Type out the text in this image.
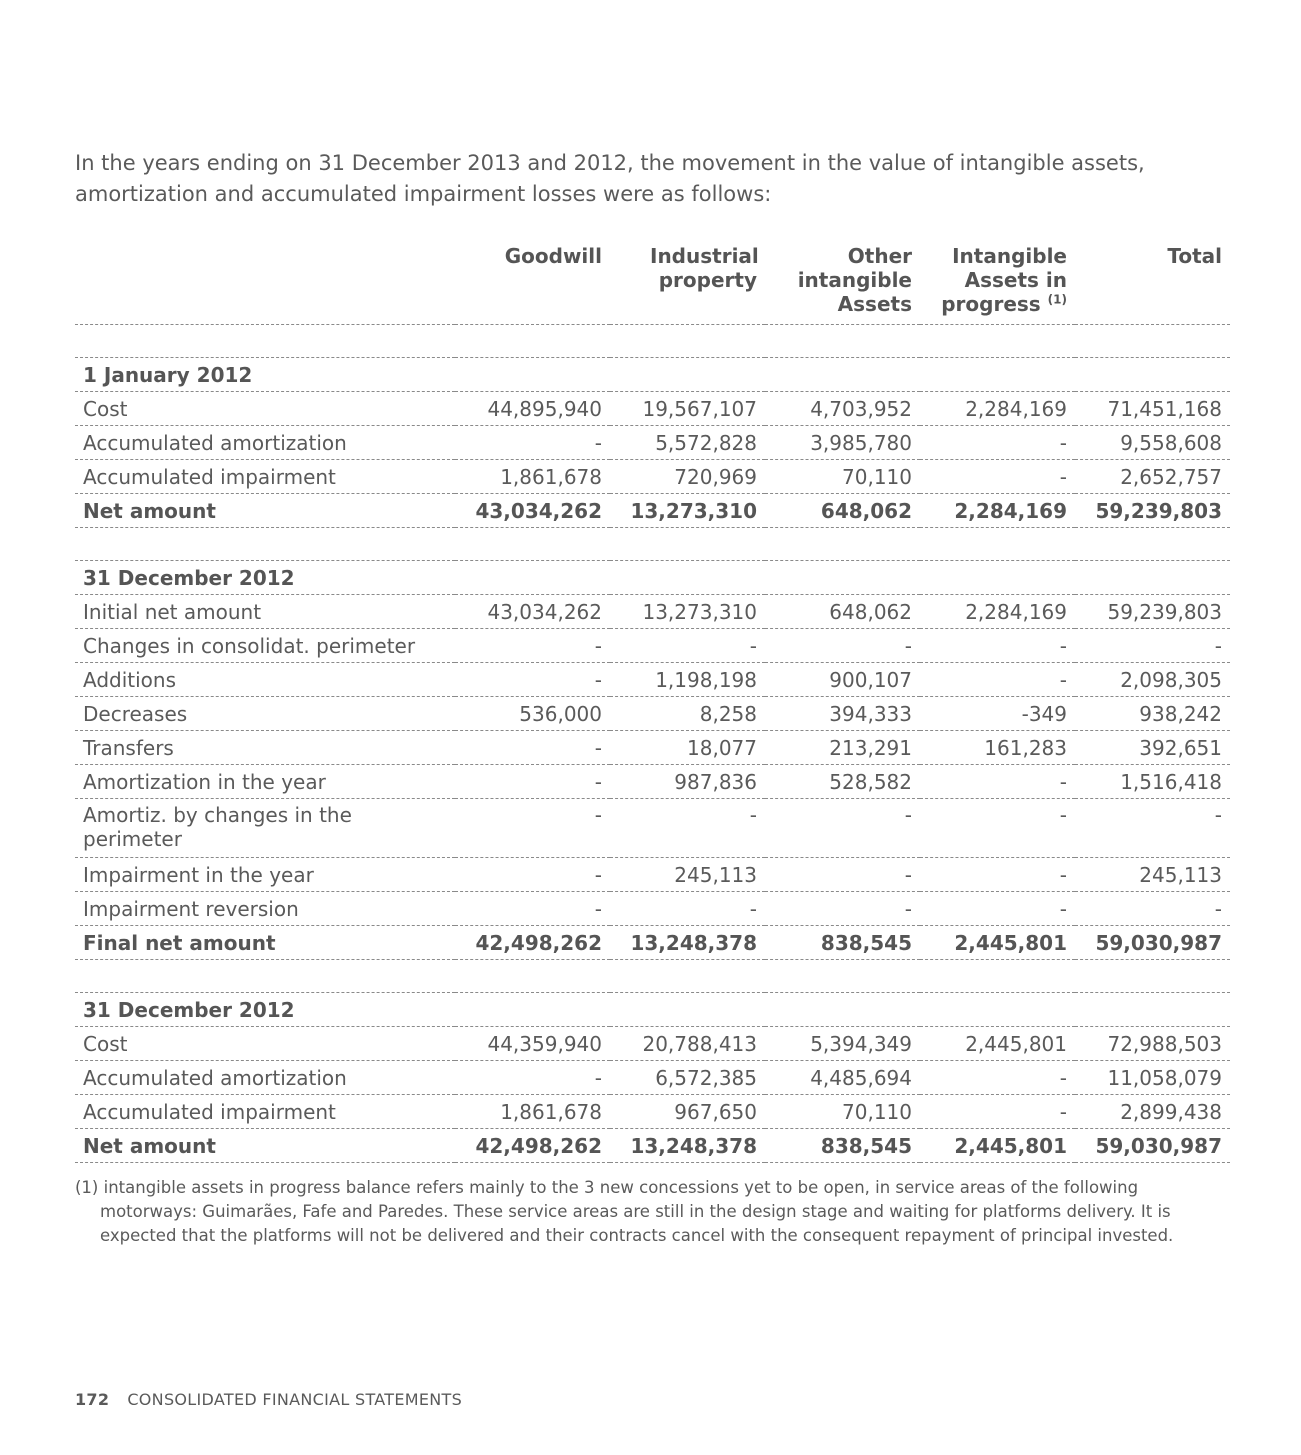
In the years ending on 31 December 2013 and 2012, the movement in the value of intangible assets, amortization and accumulated impairment losses were as follows:

	Goodwill	Industrial property	Other intangible Assets	Intangible Assets in progress $^{(1)}$	Total

1 January 2012					
Cost	44,895,940	19,567,107	4,703,952	2,284,169	71,451,168
Accumulated amortization	-	5,572,828	3,985,780	-	9,558,608
Accumulated impairment	1,861,678	720,969	70,110	-	2,652,757
Net amount	43,034,262	13,273,310	648,062	2,284,169	59,239,803

31 December 2012					
Initial net amount	43,034,262	13,273,310	648,062	2,284,169	59,239,803
Changes in consolidat. perimeter	-	-	-	-	-
Additions	-	1,198,198	900,107	-	2,098,305
Decreases	536,000	8,258	394,333	-349	938,242
Transfers	-	18,077	213,291	161,283	392,651
Amortization in the year	-	987,836	528,582	-	1,516,418
Amortiz. by changes in the perimeter	-	-	-	-	-
Impairment in the year	-	245,113	-	-	245,113
Impairment reversion	-	-	-	-	-
Final net amount	42,498,262	13,248,378	838,545	2,445,801	59,030,987

31 December 2012					
Cost	44,359,940	20,788,413	5,394,349	2,445,801	72,988,503
Accumulated amortization	-	6,572,385	4,485,694	-	11,058,079
Accumulated impairment	1,861,678	967,650	70,110	-	2,899,438
Net amount	42,498,262	13,248,378	838,545	2,445,801	59,030,987

(1) intangible assets in progress balance refers mainly to the 3 new concessions yet to be open, in service areas of the following motorways: Guimarães, Fafe and Paredes. These service areas are still in the design stage and waiting for platforms delivery. It is expected that the platforms will not be delivered and their contracts cancel with the consequent repayment of principal invested.

172 CONSOLIDATED FINANCIAL STATEMENTS
